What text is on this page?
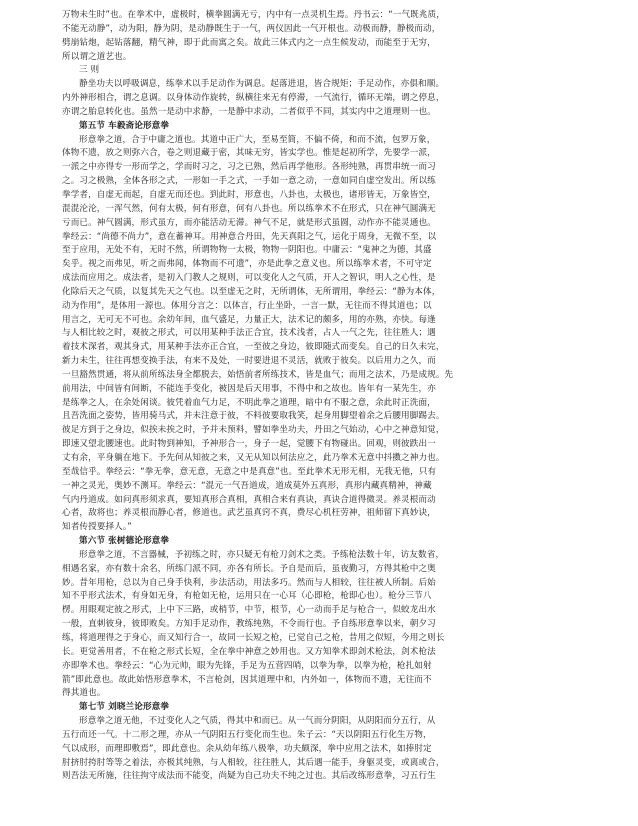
万物未生时”也。在拳术中，虚极时，横拳圆满无亏，内中有一点灵机生焉。丹书云：“一气既兆质，
不能无动静”，动为阳，静为阴，是动静既生于一气，两仪因此一气开根也。动极而静，静极而动，
劈崩钻炮，起钻落翻，精气神，即于此而寓之矣。故此三体式内之一点生候发动，而能至于无穷，
所以谓之道艺也。
三 则
静坐功夫以呼吸调息，练拳术以手足动作为调息。起落进退，皆合规矩；手足动作，亦俱和顺。
内外神形相合，谓之息调。以身体动作旋转，纵横往来无有停滞，一气流行，循环无端，谓之停息，
亦谓之胎息转化也。虽然一是动中求静，一是静中求动，二者似乎不同，其实内中之道理则一也。
第五节 车毅斋论形意拳
形意拳之道，合于中庸之道也。其道中正广大，至易至简，不偏不倚，和而不流，包罗万象，
体物不遗，放之则弥六合，卷之则退藏于密，其味无穷，皆实学也。惟是起初所学，先要学一派，
一派之中亦得专一形而学之，学而时习之，习之已熟，然后再学他形。各形纯熟，再贯串统一而习
之。习之极熟，全体各形之式，一形如一手之式，一手如一意之动，一意如同自虚空发出。所以练
拳学者，自虚无而起，自虚无而还也。到此时，形意也，八卦也，太极也，诸形皆无，万象皆空，
混混沦沦，一浑气然，何有太极，何有形意，何有八卦也。所以练拳术不在形式，只在神气圆满无
亏而已。神气圆满，形式虽方，而亦能活动无滞。神气不足，就是形式虽圆，动作亦不能灵通也。
拳经云：“尚德不尚力”，意在蓄神耳。用神意合丹田，先天真阳之气，运化于周身，无微不至，以
至于应用，无处不有，无时不然，所谓物物一太极，物物一阴阳也。中庸云：“鬼神之为德，其盛
矣乎。视之而弗见，听之而弗闻，体物而不可遗”，亦是此拳之意义也。所以练拳术者，不可守定
成法而应用之。成法者，是初入门教人之规则，可以变化人之气质，开人之智识，明人之心性，是
化除后天之气质，以复其先天之气也。以至虚无之时，无所谓体，无所谓用，拳经云：“静为本体，
动为作用”，是体用一源也。体用分言之：以体言，行止坐卧，一言一默，无往而不得其道也；以
用言之，无可无不可也。余幼年间，血气盛足，力量正大，法术记的颇多，用的亦熟，亦快。每逢
与人相比较之时，观彼之形式，可以用某种手法正合宜，技术浅者，占人一气之先，往往胜人；遇
着技术深者，观其身式，用某种手法亦正合宜，一至彼之身边，彼即随式而变矣。自己的日久未完，
新力未生，往往再想变换手法，有来不及处，一时要进退不灵活，就败于彼矣。以后用力之久，而
一旦豁然贯通，将从前所练法身全都脱去，始悟前者所练技术，皆是血气；而用之法术，乃是成规。先
前用法，中间皆有间断，不能连手变化，被因是后天用事，不得中和之故也。皆年有一某先生，亦
是练拳之人，在余处闲谈。彼凭着血气力足，不明此拳之道理，暗中有不服之意，余此时正洗面，
且吾洗面之姿势，皆用骑马式，并未注意于彼，不料彼要取我笑，起身用脚望着余之后腰用脚踢去。
彼足方到于之身边，似挨未挨之时，予并未预料，譬如拳坐功夫，丹田之气始动，心中之神意知觉，
即速又望北腰速也。此时物到神知，予神形合一，身子一起，觉腰下有物碰出。回观，则彼跌出一
丈有余，平身躺在地下。予先何从知彼之来，又无从知以何法应之，此乃拳术无意中抖擞之神力也。
至哉信乎。拳经云：“拳无拳，意无意，无意之中是真意”也。至此拳术无形无相，无我无他，只有
一神之灵光，奥妙不测耳。拳经云：“混元一气吾道成，道成莫外五真形，真形内藏真精神，神藏
气内丹道成。如问真形须求真，要知真形合真相，真相合来有真诀，真诀合道得微灵。养灵根而动
心者，敌将也；养灵根而静心者，修道也。武艺虽真窍不真，费尽心机枉劳神，祖师留下真妙诀，
知者传授要择人。”
第六节 张树德论形意拳
形意拳之道，不言器械，予初练之时，亦只疑无有枪刀剑术之类。予练枪法数十年，访友数省，
相遇名家，亦有数十余名，所练门派不同，亦各有所长。予自是而后，虽夜勤习，方得其枪中之奥
妙。昔年用枪，总以为自己身手快利，步法活动，用法多巧。然而与人相较，往往被人所制。后始
知不乎形式法术，有身如无身，有枪如无枪，运用只在一心耳（心即枪，枪即心也）。枪分三节八
楞。用眼观定彼之形式，上中下三路，或梢节，中节，根节，心一动而手足与枪合一，似蛟龙出水
一般，直刺彼身，彼即败矣。方知手足动作，教练纯熟，不令而行也。予自练形意拳以来，朝夕习
练，将道理得之于身心，而又知行合一，故同一长短之枪，已觉自己之枪，昔用之似短，今用之则长
长。更觉善用者，不在枪之形式长短，全在拳中神意之妙用也。又方知拳术即剑术枪法，剑术枪法
亦即拳术也。拳经云：“心为元帅，眼为先锋，手足为五营四哨，以拳为拳，以拳为枪，枪扎如射
箭”即此意也。故此始悟形意拳术，不言枪剑，因其道理中和，内外如一，体物而不遗，无往而不
得其道也。
第七节 刘晓兰论形意拳
形意拳之道无他，不过变化人之气质，得其中和而已。从一气而分阴阳，从阴阳而分五行，从
五行而还一气。十二形之理，亦从一气阴阳五行变化而生也。朱子云：“天以阴阳五行化生万物，
气以成形，而理即敷焉”，即此意也。余从幼年练八极拳，功夫颇深，拳中应用之法术，如捧肘定
肘挤肘挎肘等等之着法，亦极其纯熟，与人相较，往往胜人，其后遇一能手，身躯灵变，或离或合，
则吾法无所施，往往拘守成法而不能变，尚疑为自己功夫不纯之过也。其后改练形意拳，习五行生
